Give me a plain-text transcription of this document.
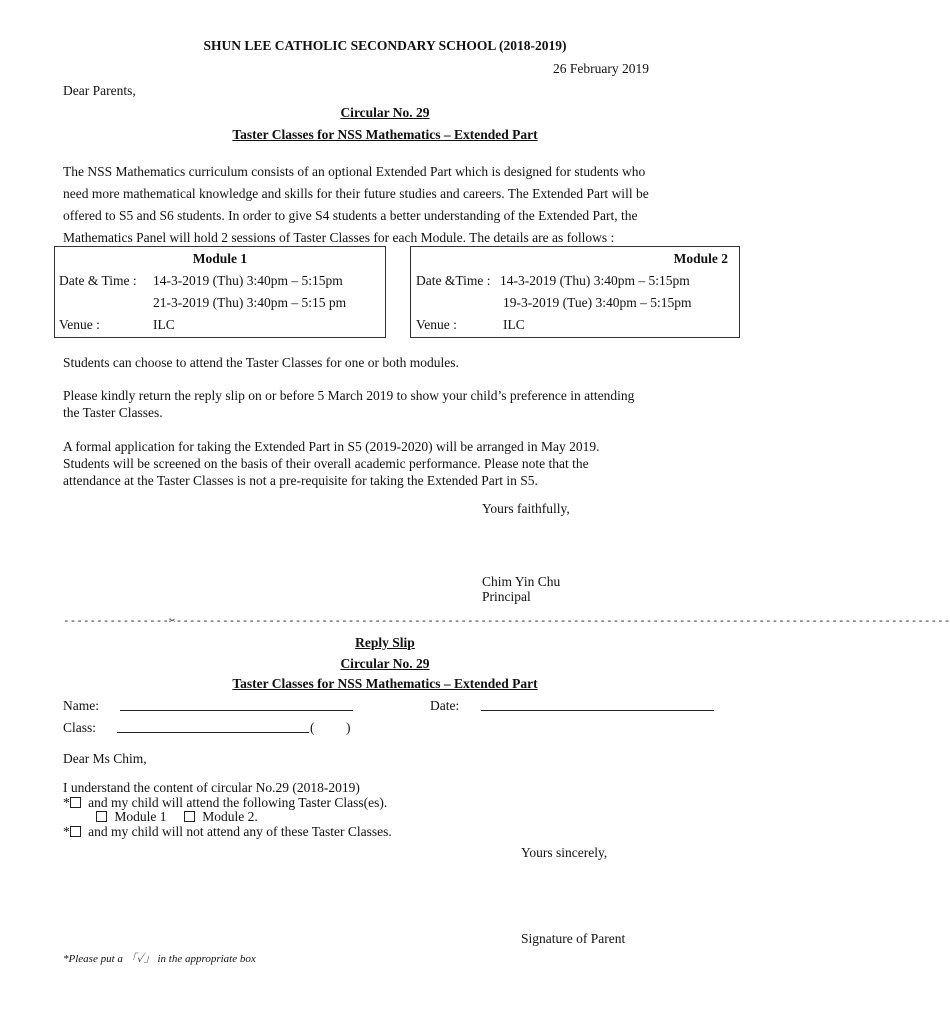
SHUN LEE CATHOLIC SECONDARY SCHOOL (2018-2019)
26 February 2019
Dear Parents,
Circular No. 29
Taster Classes for NSS Mathematics – Extended Part
The NSS Mathematics curriculum consists of an optional Extended Part which is designed for students who
need more mathematical knowledge and skills for their future studies and careers. The Extended Part will be
offered to S5 and S6 students. In order to give S4 students a better understanding of the Extended Part, the
Mathematics Panel will hold 2 sessions of Taster Classes for each Module. The details are as follows :
Module 1
Date & Time : 14-3-2019 (Thu) 3:40pm – 5:15pm
21-3-2019 (Thu) 3:40pm – 5:15 pm
Venue :	ILC
Module 2
Date &Time : 14-3-2019 (Thu) 3:40pm – 5:15pm
19-3-2019 (Tue) 3:40pm – 5:15pm
Venue :	ILC
Students can choose to attend the Taster Classes for one or both modules.
Please kindly return the reply slip on or before 5 March 2019 to show your child’s preference in attending
the Taster Classes.
A formal application for taking the Extended Part in S5 (2019-2020) will be arranged in May 2019.
Students will be screened on the basis of their overall academic performance. Please note that the
attendance at the Taster Classes is not a pre-requisite for taking the Extended Part in S5.
Yours faithfully,
Chim Yin Chu
Principal
----------------✂---------------------------------------------------------------------------------------------------------------------
Reply Slip
Circular No. 29
Taster Classes for NSS Mathematics – Extended Part
Name:	Date:
Class:	( )
Dear Ms Chim,
I understand the content of circular No.29 (2018-2019)
* and my child will attend the following Taster Class(es).
Module 1	Module 2.
* and my child will not attend any of these Taster Classes.
Yours sincerely,
Signature of Parent
*Please put a 「✓」 in the appropriate box
